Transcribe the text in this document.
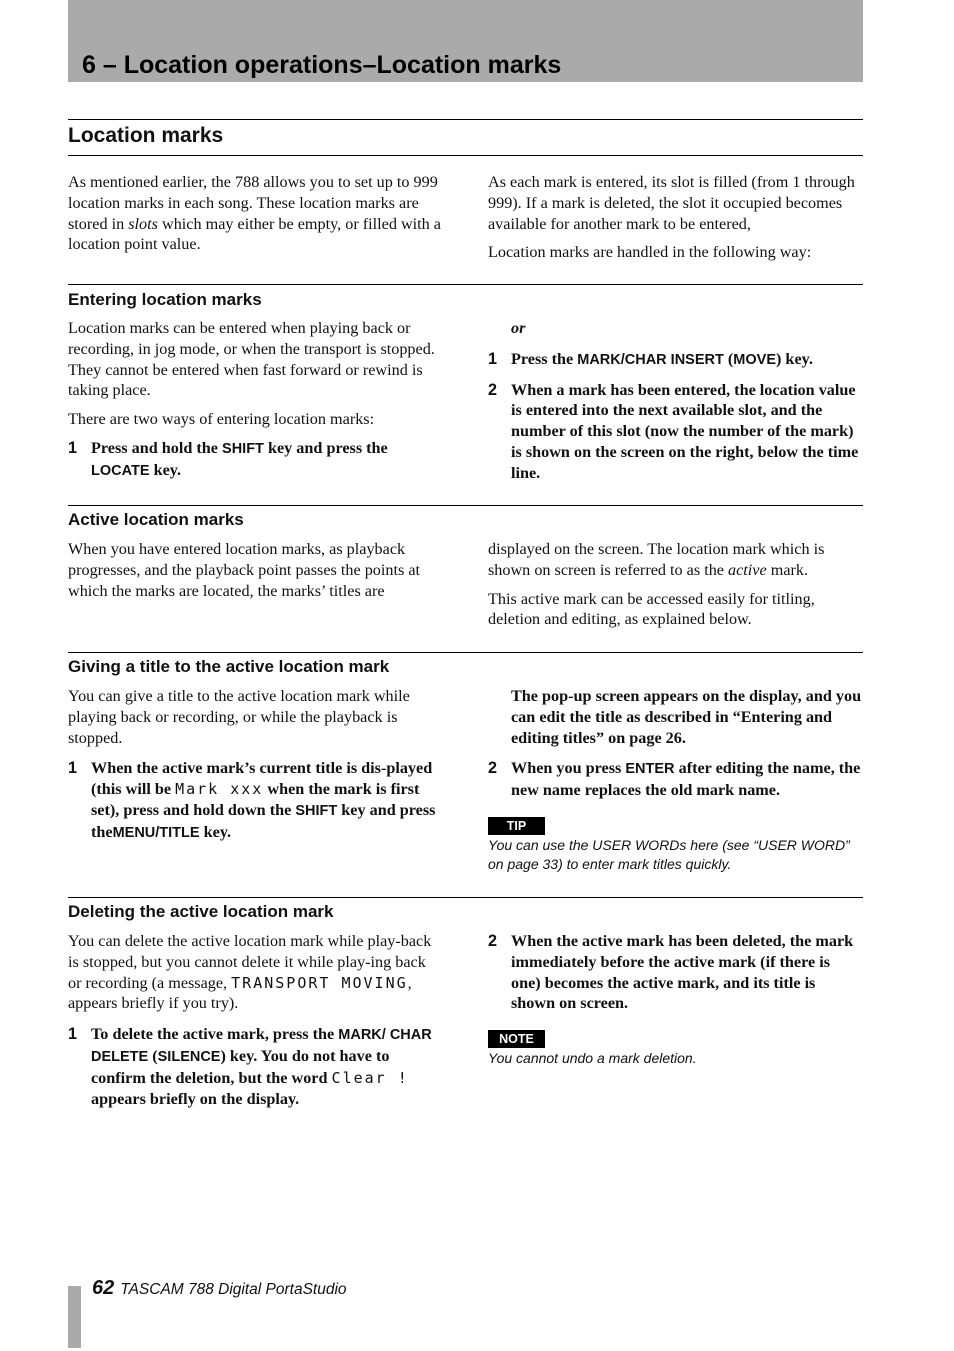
6 – Location operations–Location marks
Location marks

As mentioned earlier, the 788 allows you to set up to 999 location marks in each song. These location marks are stored in slots which may either be empty, or filled with a location point value.

As each mark is entered, its slot is filled (from 1 through 999). If a mark is deleted, the slot it occupied becomes available for another mark to be entered,

Location marks are handled in the following way:

Entering location marks

Location marks can be entered when playing back or recording, in jog mode, or when the transport is stopped. They cannot be entered when fast forward or rewind is taking place.

There are two ways of entering location marks:

1 Press and hold the SHIFT key and press the LOCATE key.
or
1 Press the MARK/CHAR INSERT (MOVE) key.
2 When a mark has been entered, the location value is entered into the next available slot, and the number of this slot (now the number of the mark) is shown on the screen on the right, below the time line.
Active location marks

When you have entered location marks, as playback progresses, and the playback point passes the points at which the marks are located, the marks’ titles are

displayed on the screen. The location mark which is shown on screen is referred to as the active mark.

This active mark can be accessed easily for titling, deletion and editing, as explained below.

Giving a title to the active location mark

You can give a title to the active location mark while playing back or recording, or while the playback is stopped.

1 When the active mark’s current title is dis-played (this will be Mark xxx when the mark is first set), press and hold down the SHIFT key and press theMENU/TITLE key.
The pop-up screen appears on the display, and you can edit the title as described in “Entering and editing titles” on page 26.
2 When you press ENTER after editing the name, the new name replaces the old mark name.
TIP

You can use the USER WORDs here (see “USER WORD” on page 33) to enter mark titles quickly.

Deleting the active location mark

You can delete the active location mark while play-back is stopped, but you cannot delete it while play-ing back or recording (a message, TRANSPORT MOVING, appears briefly if you try).

1 To delete the active mark, press the MARK/ CHAR DELETE (SILENCE) key. You do not have to confirm the deletion, but the word Clear ! appears briefly on the display.
2 When the active mark has been deleted, the mark immediately before the active mark (if there is one) becomes the active mark, and its title is shown on screen.
NOTE

You cannot undo a mark deletion.

62 TASCAM 788 Digital PortaStudio
